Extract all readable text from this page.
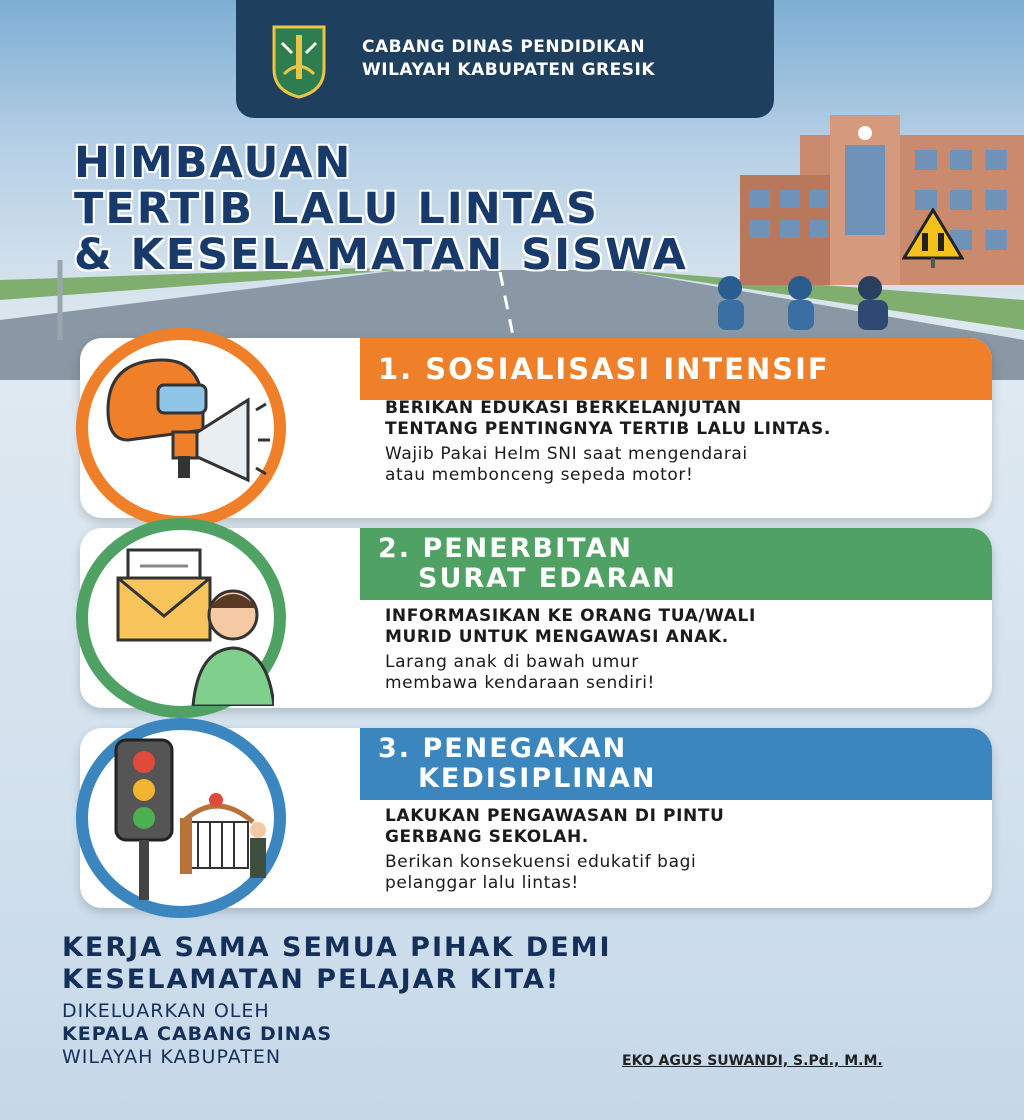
CABANG DINAS PENDIDIKAN
WILAYAH KABUPATEN GRESIK
HIMBAUAN
TERTIB LALU LINTAS
& KESELAMATAN SISWA
1. SOSIALISASI INTENSIF
BERIKAN EDUKASI BERKELANJUTAN
TENTANG PENTINGNYA TERTIB LALU LINTAS.
Wajib Pakai Helm SNI saat mengendarai
atau membonceng sepeda motor!
2. PENERBITAN
SURAT EDARAN
INFORMASIKAN KE ORANG TUA/WALI
MURID UNTUK MENGAWASI ANAK.
Larang anak di bawah umur
membawa kendaraan sendiri!
3. PENEGAKAN
KEDISIPLINAN
LAKUKAN PENGAWASAN DI PINTU
GERBANG SEKOLAH.
Berikan konsekuensi edukatif bagi
pelanggar lalu lintas!
KERJA SAMA SEMUA PIHAK DEMI
KESELAMATAN PELAJAR KITA!
DIKELUARKAN OLEH
KEPALA CABANG DINAS
WILAYAH KABUPATEN	EKO AGUS SUWANDI, S.Pd., M.M.
